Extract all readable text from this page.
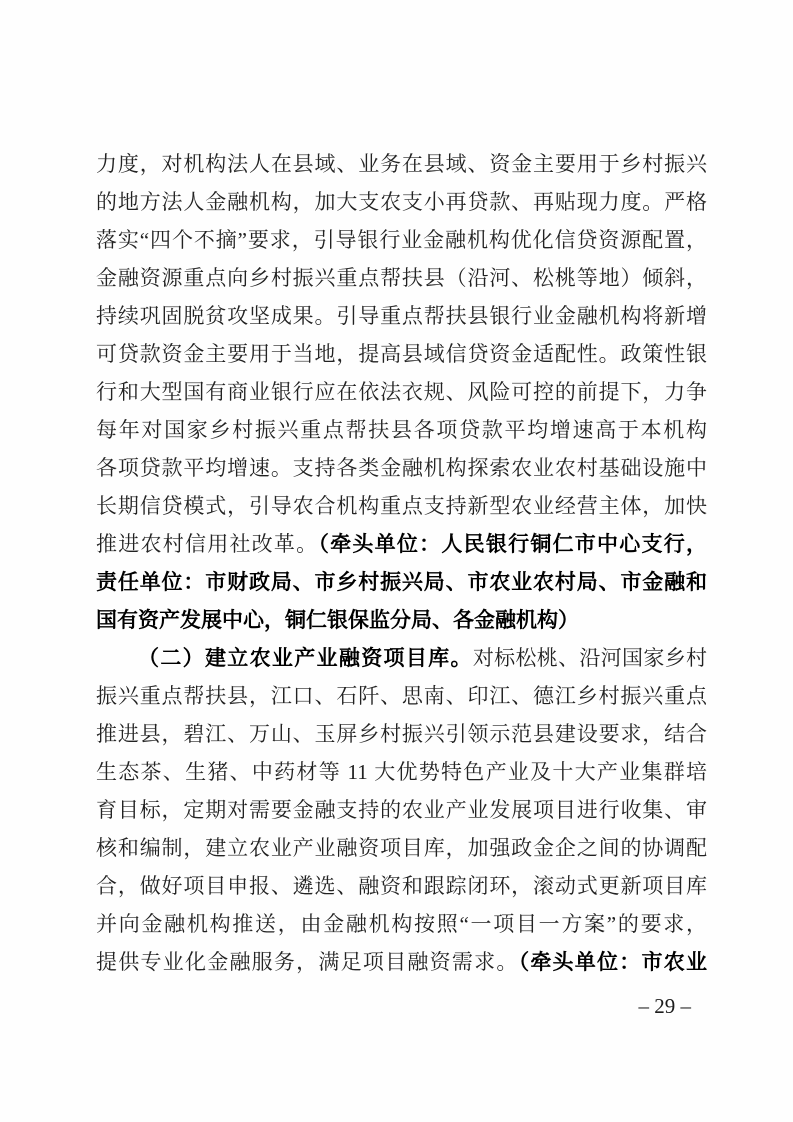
力度，对机构法人在县域、业务在县域、资金主要用于乡村振兴
的地方法人金融机构，加大支农支小再贷款、再贴现力度。严格
落实“四个不摘”要求，引导银行业金融机构优化信贷资源配置，
金融资源重点向乡村振兴重点帮扶县（沿河、松桃等地）倾斜，
持续巩固脱贫攻坚成果。引导重点帮扶县银行业金融机构将新增
可贷款资金主要用于当地，提高县域信贷资金适配性。政策性银
行和大型国有商业银行应在依法衣规、风险可控的前提下，力争
每年对国家乡村振兴重点帮扶县各项贷款平均增速高于本机构
各项贷款平均增速。支持各类金融机构探索农业农村基础设施中
长期信贷模式，引导农合机构重点支持新型农业经营主体，加快
推进农村信用社改革。（牵头单位：人民银行铜仁市中心支行，
责任单位：市财政局、市乡村振兴局、市农业农村局、市金融和
国有资产发展中心，铜仁银保监分局、各金融机构）
（二）建立农业产业融资项目库。对标松桃、沿河国家乡村
振兴重点帮扶县，江口、石阡、思南、印江、德江乡村振兴重点
推进县，碧江、万山、玉屏乡村振兴引领示范县建设要求，结合
生态茶、生猪、中药材等 11 大优势特色产业及十大产业集群培
育目标，定期对需要金融支持的农业产业发展项目进行收集、审
核和编制，建立农业产业融资项目库，加强政金企之间的协调配
合，做好项目申报、遴选、融资和跟踪闭环，滚动式更新项目库
并向金融机构推送，由金融机构按照“一项目一方案”的要求，
提供专业化金融服务，满足项目融资需求。（牵头单位：市农业
– 29 –
